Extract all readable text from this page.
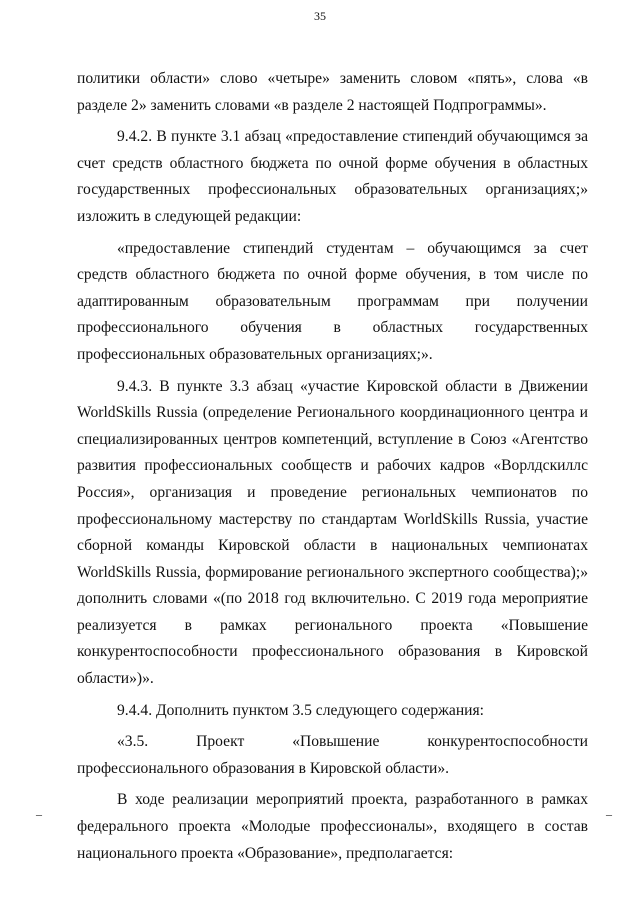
35

политики области» слово «четыре» заменить словом «пять», слова «в разделе 2» заменить словами «в разделе 2 настоящей Подпрограммы».

9.4.2. В пункте 3.1 абзац «предоставление стипендий обучающимся за счет средств областного бюджета по очной форме обучения в областных государственных профессиональных образовательных организациях;» изложить в следующей редакции:

«предоставление стипендий студентам – обучающимся за счет средств областного бюджета по очной форме обучения, в том числе по адаптированным образовательным программам при получении профессионального обучения в областных государственных профессиональных образовательных организациях;».

9.4.3. В пункте 3.3 абзац «участие Кировской области в Движении WorldSkills Russia (определение Регионального координационного центра и специализированных центров компетенций, вступление в Союз «Агентство развития профессиональных сообществ и рабочих кадров «Ворлдскиллс Россия», организация и проведение региональных чемпионатов по профессиональному мастерству по стандартам WorldSkills Russia, участие сборной команды Кировской области в национальных чемпионатах WorldSkills Russia, формирование регионального экспертного сообщества);» дополнить словами «(по 2018 год включительно. С 2019 года мероприятие реализуется в рамках регионального проекта «Повышение конкурентоспособности профессионального образования в Кировской области»)».

9.4.4. Дополнить пунктом 3.5 следующего содержания:

«3.5. Проект «Повышение конкурентоспособности профессионального образования в Кировской области».

В ходе реализации мероприятий проекта, разработанного в рамках федерального проекта «Молодые профессионалы», входящего в состав национального проекта «Образование», предполагается:

–	–
